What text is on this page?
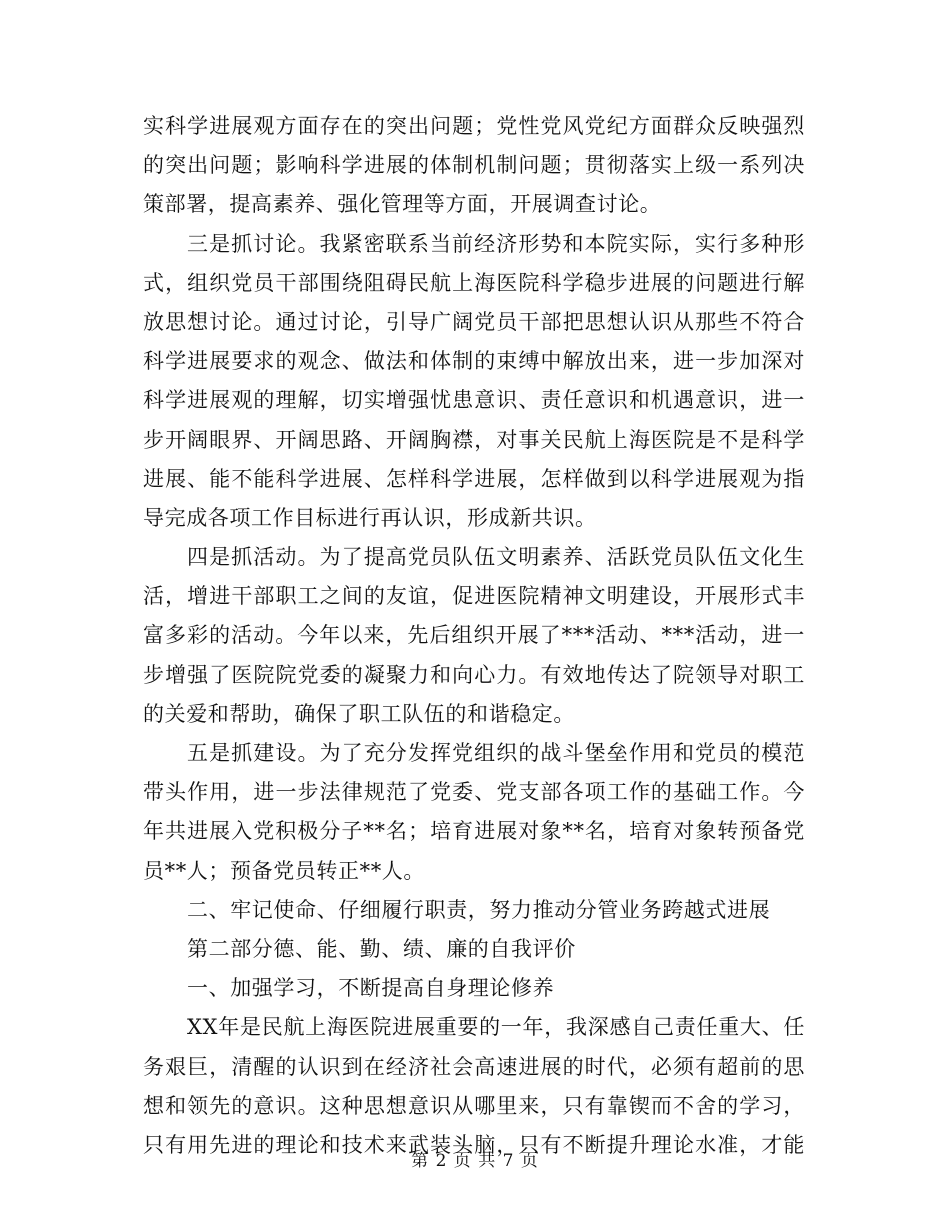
实科学进展观方面存在的突出问题；党性党风党纪方面群众反映强烈
的突出问题；影响科学进展的体制机制问题；贯彻落实上级一系列决
策部署，提高素养、强化管理等方面，开展调查讨论。
三是抓讨论。我紧密联系当前经济形势和本院实际，实行多种形
式，组织党员干部围绕阻碍民航上海医院科学稳步进展的问题进行解
放思想讨论。通过讨论，引导广阔党员干部把思想认识从那些不符合
科学进展要求的观念、做法和体制的束缚中解放出来，进一步加深对
科学进展观的理解，切实增强忧患意识、责任意识和机遇意识，进一
步开阔眼界、开阔思路、开阔胸襟，对事关民航上海医院是不是科学
进展、能不能科学进展、怎样科学进展，怎样做到以科学进展观为指
导完成各项工作目标进行再认识，形成新共识。
四是抓活动。为了提高党员队伍文明素养、活跃党员队伍文化生
活，增进干部职工之间的友谊，促进医院精神文明建设，开展形式丰
富多彩的活动。今年以来，先后组织开展了***活动、***活动，进一
步增强了医院院党委的凝聚力和向心力。有效地传达了院领导对职工
的关爱和帮助，确保了职工队伍的和谐稳定。
五是抓建设。为了充分发挥党组织的战斗堡垒作用和党员的模范
带头作用，进一步法律规范了党委、党支部各项工作的基础工作。今
年共进展入党积极分子**名；培育进展对象**名，培育对象转预备党
员**人；预备党员转正**人。
二、牢记使命、仔细履行职责，努力推动分管业务跨越式进展
第二部分德、能、勤、绩、廉的自我评价
一、加强学习，不断提高自身理论修养
XX年是民航上海医院进展重要的一年，我深感自己责任重大、任
务艰巨，清醒的认识到在经济社会高速进展的时代，必须有超前的思
想和领先的意识。这种思想意识从哪里来，只有靠锲而不舍的学习，
只有用先进的理论和技术来武装头脑，只有不断提升理论水准，才能
第 2 页 共 7 页
